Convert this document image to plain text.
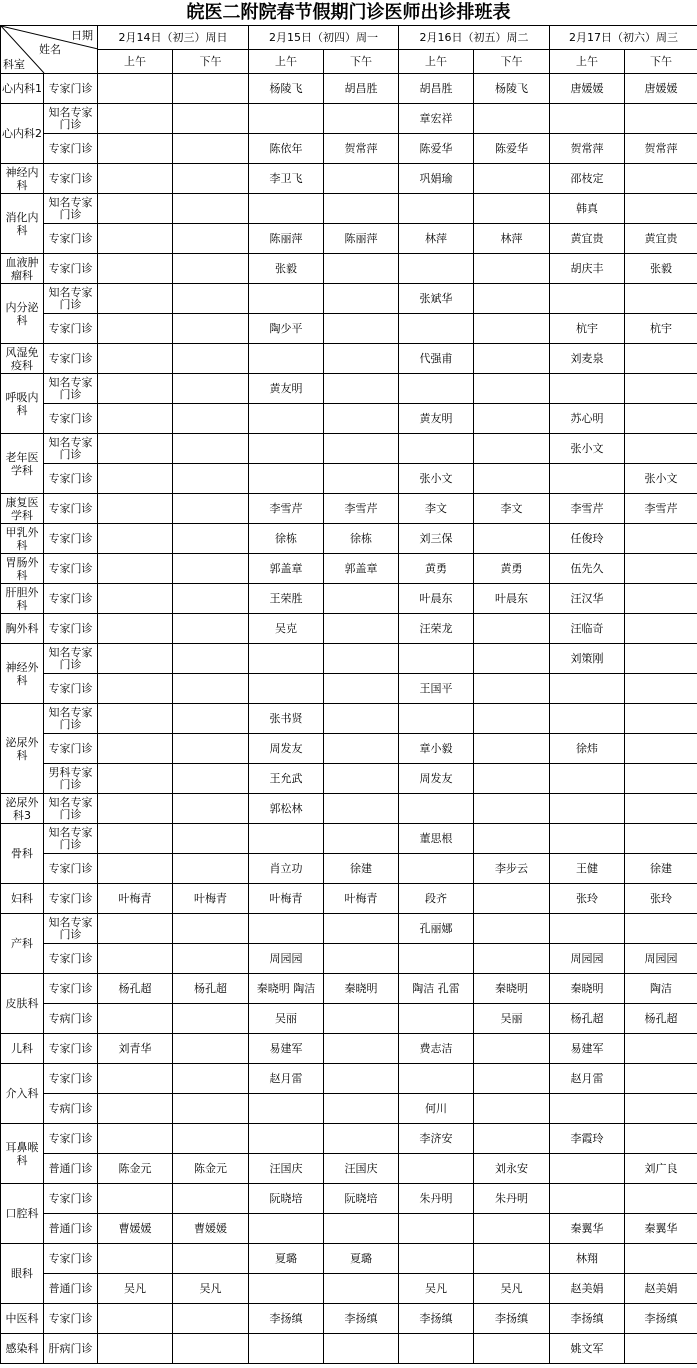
皖医二附院春节假期门诊医师出诊排班表
日期
姓名
科室		2月14日（初三）周日		2月15日（初四）周一		2月16日（初五）周二		2月17日（初六）周三	
		上午	下午	上午	下午	上午	下午	上午	下午
心内科1	专家门诊			杨陵飞	胡昌胜	胡昌胜	杨陵飞	唐媛媛	唐媛媛
心内科2	知名专家门诊					章宏祥			
	专家门诊			陈依年	贺常萍	陈爱华	陈爱华	贺常萍	贺常萍
神经内科	专家门诊			李卫飞		巩娟瑜		邵枝定	
消化内科	知名专家门诊							韩真	
	专家门诊			陈丽萍	陈丽萍	林萍	林萍	黄宜贵	黄宜贵
血液肿瘤科	专家门诊			张毅				胡庆丰	张毅
内分泌科	知名专家门诊					张斌华			
	专家门诊			陶少平				杭宇	杭宇
风湿免疫科	专家门诊					代强甫		刘麦泉	
呼吸内科	知名专家门诊			黄友明					
	专家门诊					黄友明		苏心明	
老年医学科	知名专家门诊							张小文	
	专家门诊					张小文			张小文
康复医学科	专家门诊			李雪芹	李雪芹	李文	李文	李雪芹	李雪芹
甲乳外科	专家门诊			徐栋	徐栋	刘三保		任俊玲	
胃肠外科	专家门诊			郭盖章	郭盖章	黄勇	黄勇	伍先久	
肝胆外科	专家门诊			王荣胜		叶晨东	叶晨东	汪汉华	
胸外科	专家门诊			吴克		汪荣龙		汪临奇	
神经外科	知名专家门诊							刘策刚	
	专家门诊					王国平			
泌尿外科	知名专家门诊			张书贤					
	专家门诊			周发友		章小毅		徐炜	
	男科专家门诊			王允武		周发友			
泌尿外科3	知名专家门诊			郭松林					
骨科	知名专家门诊					董思根			
	专家门诊			肖立功	徐建		李步云	王健	徐建
妇科	专家门诊	叶梅青	叶梅青	叶梅青	叶梅青	段齐		张玲	张玲
产科	知名专家门诊					孔丽娜			
	专家门诊			周园园				周园园	周园园
皮肤科	专家门诊	杨孔超	杨孔超	秦晓明 陶洁	秦晓明	陶洁 孔雷	秦晓明	秦晓明	陶洁
	专病门诊			吴丽			吴丽	杨孔超	杨孔超
儿科	专家门诊	刘青华		易建军		费志洁		易建军	
介入科	专家门诊			赵月雷				赵月雷	
	专病门诊					何川			
耳鼻喉科	专家门诊					李济安		李霞玲	
	普通门诊	陈金元	陈金元	汪国庆	汪国庆		刘永安		刘广良
口腔科	专家门诊			阮晓培	阮晓培	朱丹明	朱丹明		
	普通门诊	曹媛媛	曹媛媛					秦翼华	秦翼华
眼科	专家门诊			夏璐	夏璐			林翔	
	普通门诊	吴凡	吴凡			吴凡	吴凡	赵美娟	赵美娟
中医科	专家门诊			李扬缜	李扬缜	李扬缜	李扬缜	李扬缜	李扬缜
感染科	肝病门诊							姚文军	
